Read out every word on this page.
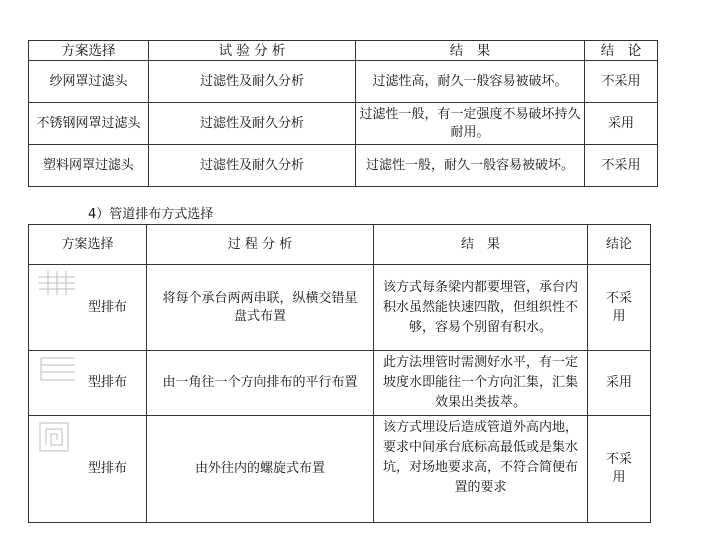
方案选择	试 验 分 析	结　果	结　论
纱网罩过滤头	过滤性及耐久分析	过滤性高，耐久一般容易被破坏。	不采用
不锈钢网罩过滤头	过滤性及耐久分析	过滤性一般，有一定强度不易破坏持久耐用。	采用
塑料网罩过滤头	过滤性及耐久分析	过滤性一般，耐久一般容易被破坏。	不采用
4）管道排布方式选择
方案选择	过 程 分 析	结　果	结论

型排布	将每个承台两两串联，纵横交错星盘式布置	该方式每条梁内都要埋管，承台内积水虽然能快速四散，但组织性不够，容易个别留有积水。	不采用

型排布	由一角往一个方向排布的平行布置	此方法埋管时需测好水平，有一定坡度水即能往一个方向汇集，汇集效果出类拔萃。	采用

型排布	由外往内的螺旋式布置	该方式埋设后造成管道外高内地，要求中间承台底标高最低或是集水坑，对场地要求高，不符合简便布置的要求	不采用
